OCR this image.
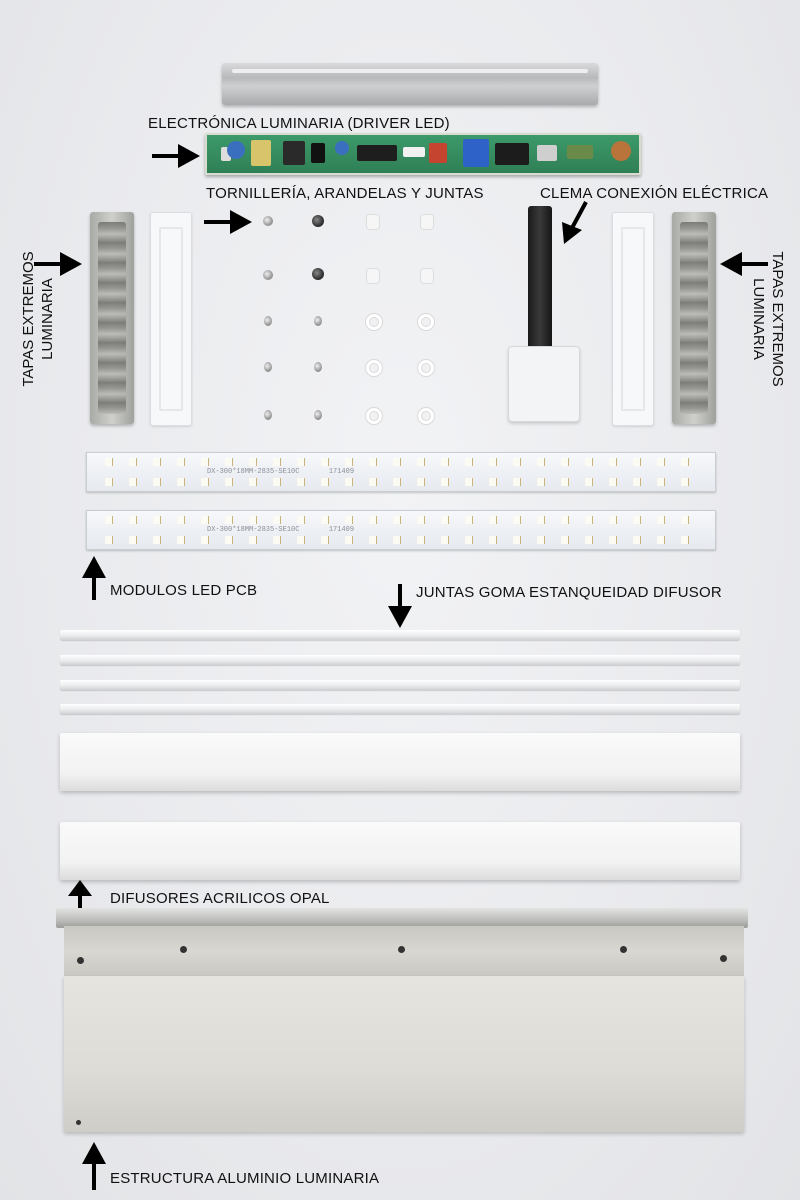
ELECTRÓNICA LUMINARIA (DRIVER LED)
TORNILLERÍA, ARANDELAS Y JUNTAS	CLEMA CONEXIÓN ELÉCTRICA
TAPAS EXTREMOS LUMINARIA	TAPAS EXTREMOS
LUMINARIA
DX-300*18MM-2835-SE10C       171409
DX-300*18MM-2835-SE10C       171409
MODULOS LED PCB	JUNTAS GOMA ESTANQUEIDAD DIFUSOR
DIFUSORES ACRILICOS OPAL
ESTRUCTURA ALUMINIO LUMINARIA
